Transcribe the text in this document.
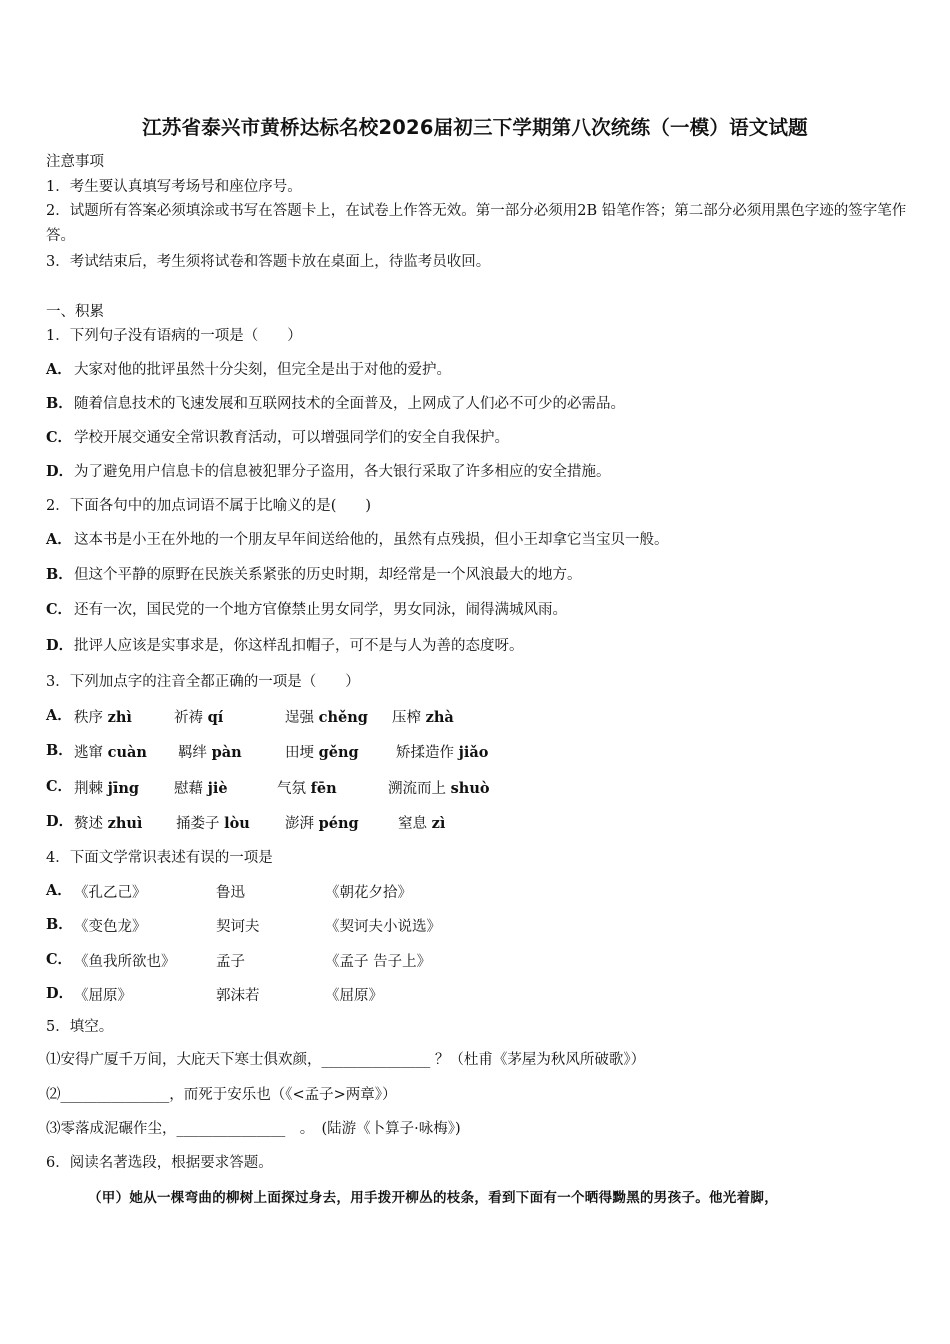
江苏省泰兴市黄桥达标名校2026届初三下学期第八次统练（一模）语文试题
注意事项
1．考生要认真填写考场号和座位序号。
2．试题所有答案必须填涂或书写在答题卡上，在试卷上作答无效。第一部分必须用2B 铅笔作答；第二部分必须用黑色字迹的签字笔作答。
3．考试结束后，考生须将试卷和答题卡放在桌面上，待监考员收回。
一、积累
1．下列句子没有语病的一项是（　　）
A． 大家对他的批评虽然十分尖刻，但完全是出于对他的爱护。
B．随着信息技术的飞速发展和互联网技术的全面普及，上网成了人们必不可少的必需品。
C． 学校开展交通安全常识教育活动，可以增强同学们的安全自我保护。
D．为了避免用户信息卡的信息被犯罪分子盗用，各大银行采取了许多相应的安全措施。
2．下面各句中的加点词语不属于比喻义的是(　　)
A． 这本书是小王在外地的一个朋友早年间送给他的，虽然有点残损，但小王却拿它当宝贝一般。
B．但这个平静的原野在民族关系紧张的历史时期，却经常是一个风浪最大的地方。
C． 还有一次，国民党的一个地方官僚禁止男女同学，男女同泳，闹得满城风雨。
D．批评人应该是实事求是，你这样乱扣帽子，可不是与人为善的态度呀。
3．下列加点字的注音全都正确的一项是（　　）
A． 秩序 zhì	祈祷 qí	逞强 chěng 压榨 zhà
B． 逃窜 cuàn 羁绊 pàn	田埂 gěng	矫揉造作 jiǎo
C． 荆棘 jīng 慰藉 jiè	气氛 fēn	溯流而上 shuò
D． 赘述 zhuì 捅娄子 lòu 澎湃 péng	窒息 zì
4．下面文学常识表述有误的一项是
A． 《孔乙己》	鲁迅	《朝花夕拾》
B． 《变色龙》	契诃夫	《契诃夫小说选》
C． 《鱼我所欲也》	孟子	《孟子 告子上》
D． 《屈原》	郭沫若	《屈原》
5．填空。
⑴安得广厦千万间，大庇天下寒士俱欢颜，_______________ ？（杜甫《茅屋为秋风所破歌》）
⑵_______________，而死于安乐也（《<孟子>两章》）
⑶零落成泥碾作尘，_______________　。　(陆游《卜算子·咏梅》)
6．阅读名著选段，根据要求答题。
（甲）她从一棵弯曲的柳树上面探过身去，用手拨开柳丛的枝条，看到下面有一个晒得黝黑的男孩子。他光着脚，
